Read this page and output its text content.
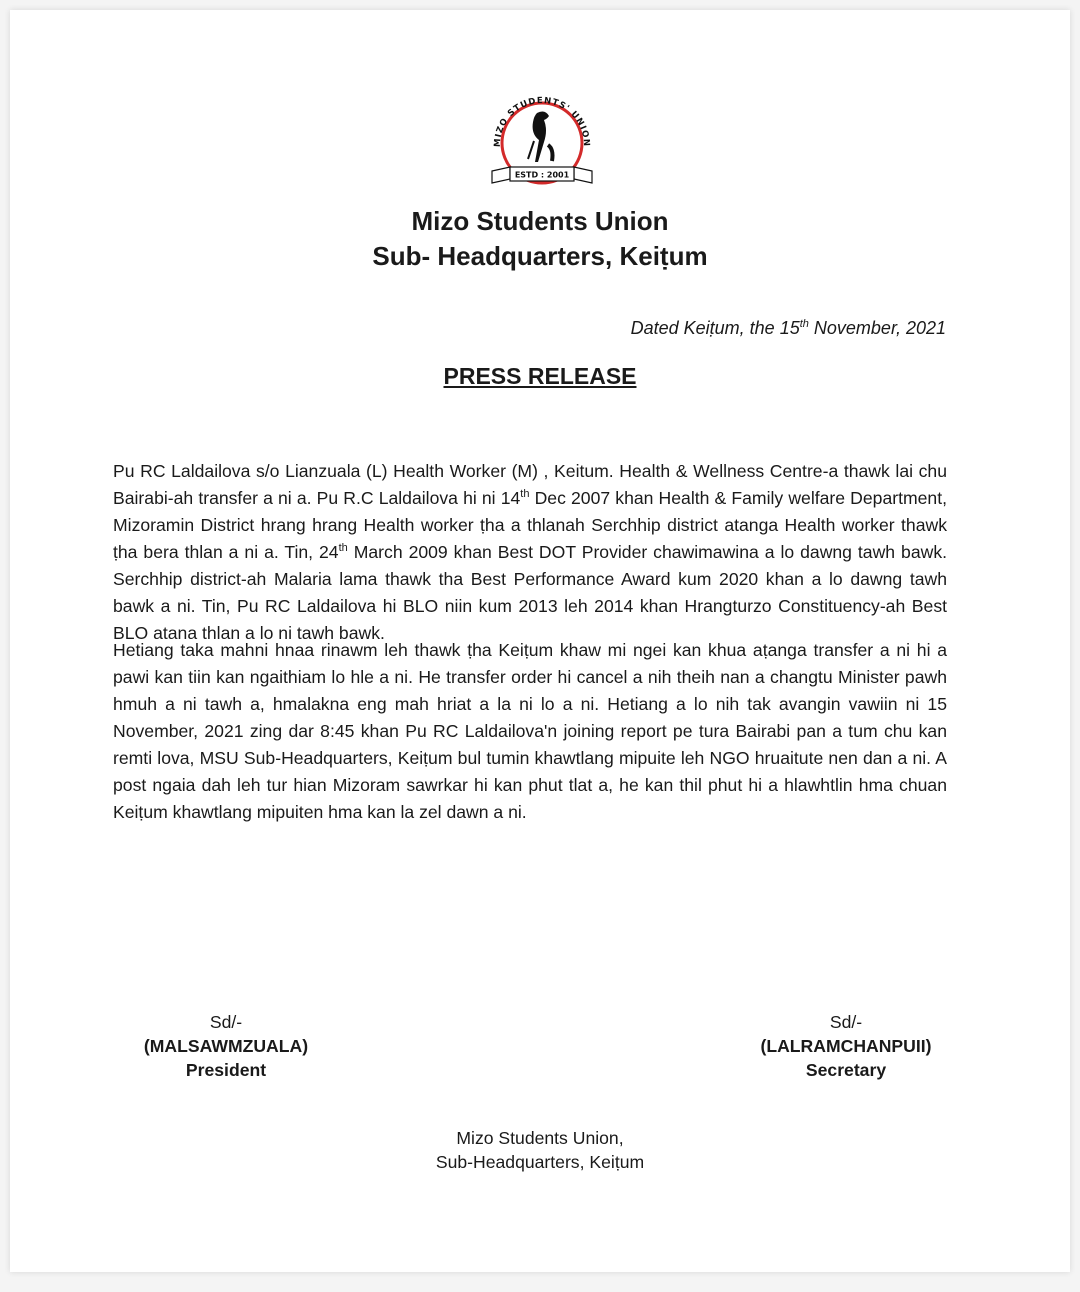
MIZO STUDENTS' UNION
ESTD : 2001
Mizo Students Union
Sub- Headquarters, Keiṭum
Dated Keiṭum, the 15th November, 2021
PRESS RELEASE

Pu RC Laldailova s/o Lianzuala (L) Health Worker (M) , Keitum. Health & Wellness Centre-a thawk lai chu Bairabi-ah transfer a ni a. Pu R.C Laldailova hi ni 14th Dec 2007 khan Health & Family welfare Department, Mizoramin District hrang hrang Health worker ṭha a thlanah Serchhip district atanga Health worker thawk ṭha bera thlan a ni a. Tin, 24th March 2009 khan Best DOT Provider chawimawina a lo dawng tawh bawk. Serchhip district-ah Malaria lama thawk tha Best Performance Award kum 2020 khan a lo dawng tawh bawk a ni. Tin, Pu RC Laldailova hi BLO niin kum 2013 leh 2014 khan Hrangturzo Constituency-ah Best BLO atana thlan a lo ni tawh bawk.

Hetiang taka mahni hnaa rinawm leh thawk ṭha Keiṭum khaw mi ngei kan khua aṭanga transfer a ni hi a pawi kan tiin kan ngaithiam lo hle a ni. He transfer order hi cancel a nih theih nan a changtu Minister pawh hmuh a ni tawh a, hmalakna eng mah hriat a la ni lo a ni. Hetiang a lo nih tak avangin vawiin ni 15 November, 2021 zing dar 8:45 khan Pu RC Laldailova'n joining report pe tura Bairabi pan a tum chu kan remti lova, MSU Sub-Headquarters, Keiṭum bul tumin khawtlang mipuite leh NGO hruaitute nen dan a ni. A post ngaia dah leh tur hian Mizoram sawrkar hi kan phut tlat a, he kan thil phut hi a hlawhtlin hma chuan Keiṭum khawtlang mipuiten hma kan la zel dawn a ni.

Sd/-
(MALSAWMZUALA)
President
Sd/-
(LALRAMCHANPUII)
Secretary
Mizo Students Union,
Sub-Headquarters, Keiṭum
